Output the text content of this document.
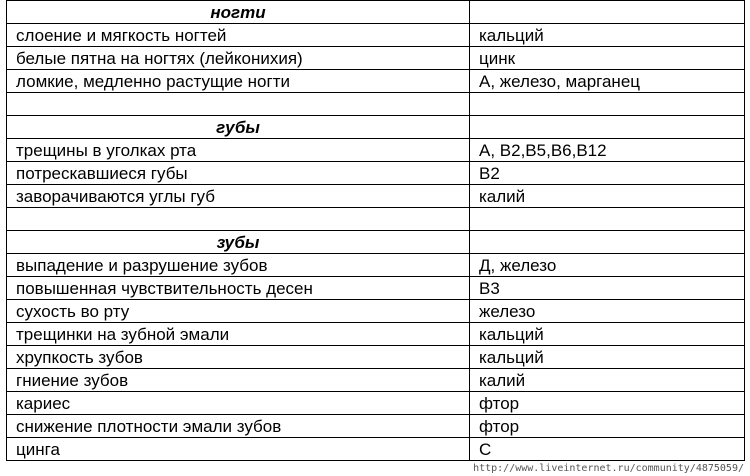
ногти	
слоение и мягкость ногтей	кальций
белые пятна на ногтях (лейконихия)	цинк
ломкие, медленно растущие ногти	А, железо, марганец

губы	
трещины в уголках рта	А, В2,В5,В6,В12
потрескавшиеся губы	В2
заворачиваются углы губ	калий

зубы	
выпадение и разрушение зубов	Д, железо
повышенная чувствительность десен	В3
сухость во рту	железо
трещинки на зубной эмали	кальций
хрупкость зубов	кальций
гниение зубов	калий
кариес	фтор
снижение плотности эмали зубов	фтор
цинга	С
http://www.liveinternet.ru/community/4875059/
